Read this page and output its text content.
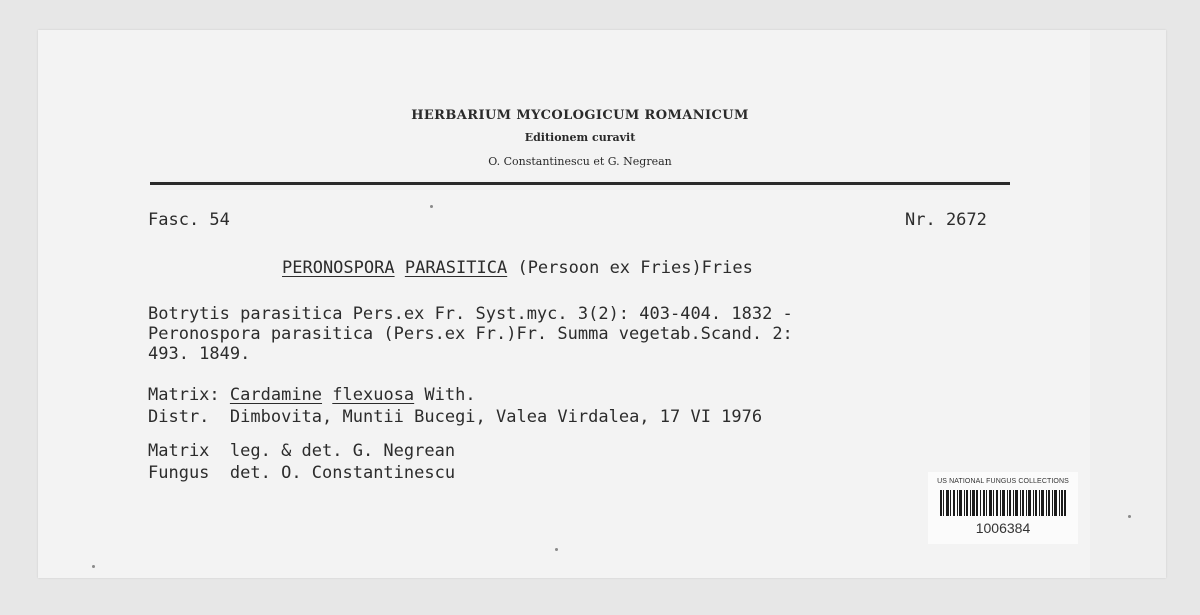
HERBARIUM MYCOLOGICUM ROMANICUM
Editionem curavit
O. Constantinescu et G. Negrean
Fasc. 54	Nr. 2672
PERONOSPORA PARASITICA (Persoon ex Fries)Fries
Botrytis parasitica Pers.ex Fr. Syst.myc. 3(2): 403-404. 1832 -
Peronospora parasitica (Pers.ex Fr.)Fr. Summa vegetab.Scand. 2:
493. 1849.
Matrix: Cardamine flexuosa With.
Distr. Dimbovita, Muntii Bucegi, Valea Virdalea, 17 VI 1976
Matrix leg. & det. G. Negrean
Fungus det. O. Constantinescu	US NATIONAL FUNGUS COLLECTIONS
1006384
